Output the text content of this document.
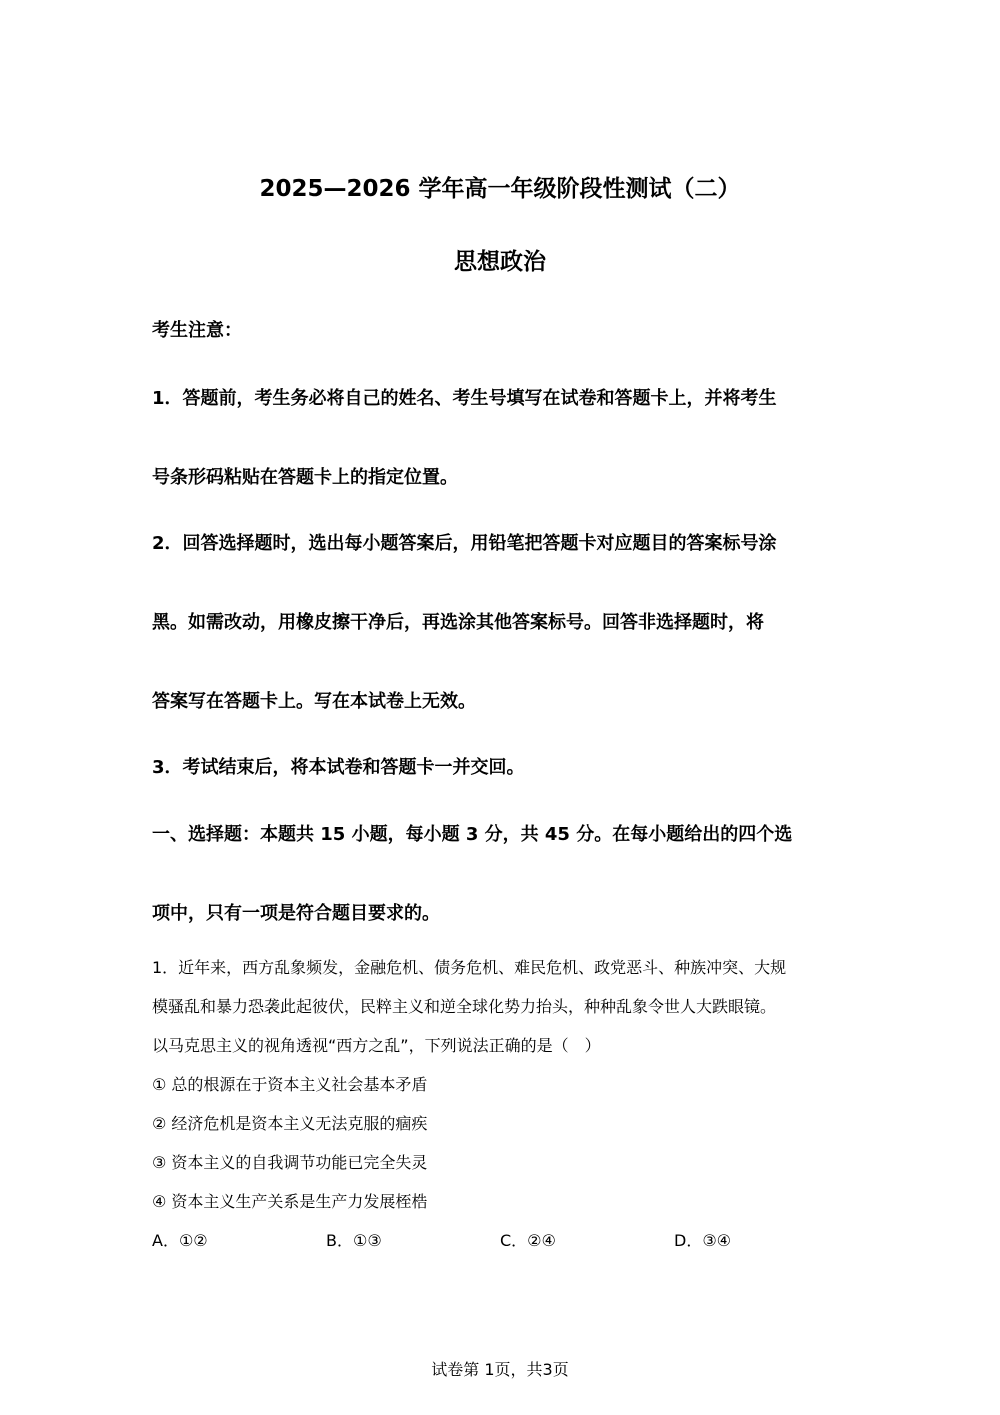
2025—2026 学年高一年级阶段性测试（二）
思想政治
考生注意：
1．答题前，考生务必将自己的姓名、考生号填写在试卷和答题卡上，并将考生
号条形码粘贴在答题卡上的指定位置。
2．回答选择题时，选出每小题答案后，用铅笔把答题卡对应题目的答案标号涂
黑。如需改动，用橡皮擦干净后，再选涂其他答案标号。回答非选择题时，将
答案写在答题卡上。写在本试卷上无效。
3．考试结束后，将本试卷和答题卡一并交回。
一、选择题：本题共 15 小题，每小题 3 分，共 45 分。在每小题给出的四个选
项中，只有一项是符合题目要求的。
1．近年来，西方乱象频发，金融危机、债务危机、难民危机、政党恶斗、种族冲突、大规
模骚乱和暴力恐袭此起彼伏，民粹主义和逆全球化势力抬头，种种乱象令世人大跌眼镜。
以马克思主义的视角透视“西方之乱”，下列说法正确的是（　）
① 总的根源在于资本主义社会基本矛盾
② 经济危机是资本主义无法克服的痼疾
③ 资本主义的自我调节功能已完全失灵
④ 资本主义生产关系是生产力发展桎梏
A．①②	B．①③	C．②④	D．③④
试卷第 1页，共3页
